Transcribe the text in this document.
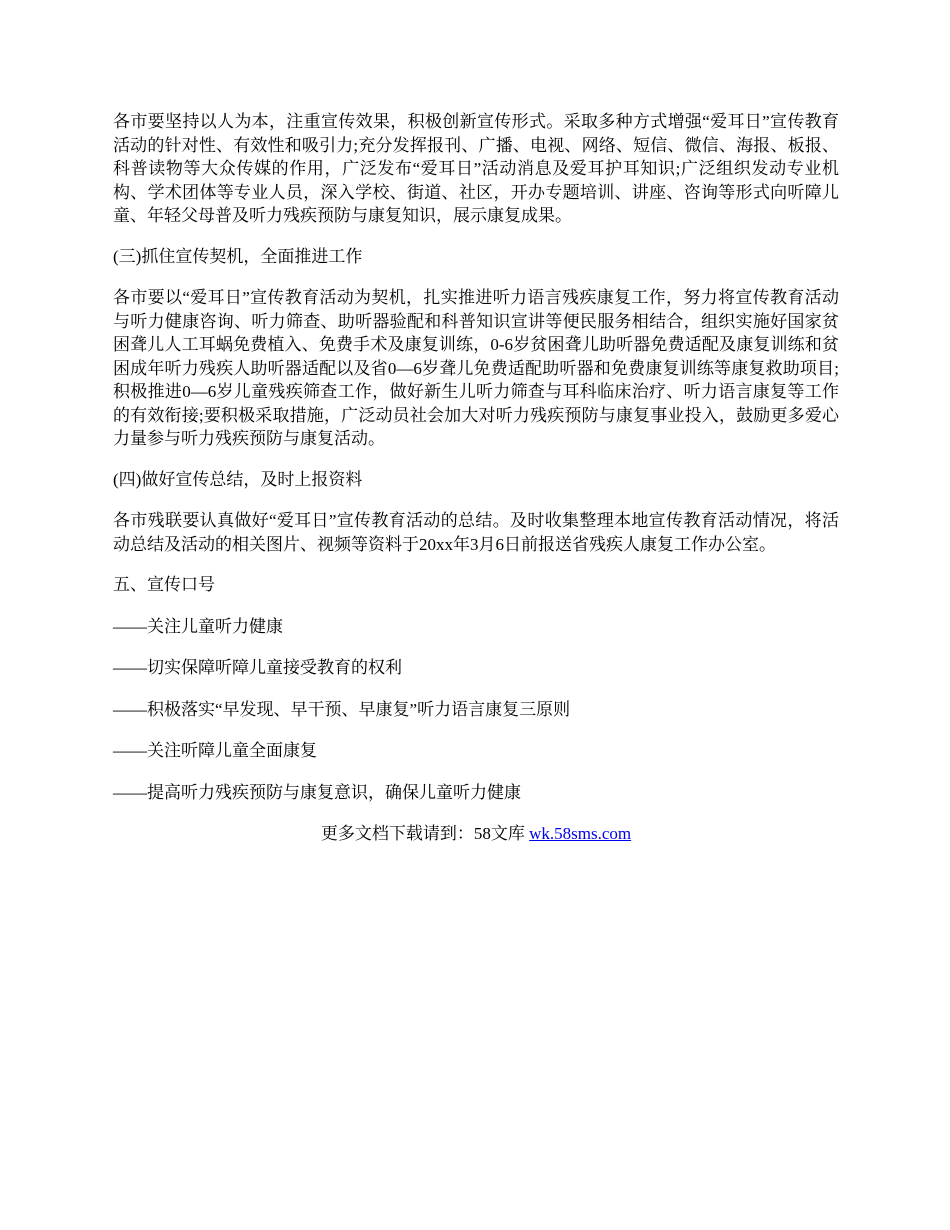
各市要坚持以人为本，注重宣传效果，积极创新宣传形式。采取多种方式增强“爱耳日”宣传教育活动的针对性、有效性和吸引力;充分发挥报刊、广播、电视、网络、短信、微信、海报、板报、科普读物等大众传媒的作用，广泛发布“爱耳日”活动消息及爱耳护耳知识;广泛组织发动专业机构、学术团体等专业人员，深入学校、街道、社区，开办专题培训、讲座、咨询等形式向听障儿童、年轻父母普及听力残疾预防与康复知识，展示康复成果。

(三)抓住宣传契机，全面推进工作

各市要以“爱耳日”宣传教育活动为契机，扎实推进听力语言残疾康复工作，努力将宣传教育活动与听力健康咨询、听力筛查、助听器验配和科普知识宣讲等便民服务相结合，组织实施好国家贫困聋儿人工耳蜗免费植入、免费手术及康复训练，0-6岁贫困聋儿助听器免费适配及康复训练和贫困成年听力残疾人助听器适配以及省0—6岁聋儿免费适配助听器和免费康复训练等康复救助项目;积极推进0—6岁儿童残疾筛查工作，做好新生儿听力筛查与耳科临床治疗、听力语言康复等工作的有效衔接;要积极采取措施，广泛动员社会加大对听力残疾预防与康复事业投入，鼓励更多爱心力量参与听力残疾预防与康复活动。

(四)做好宣传总结，及时上报资料

各市残联要认真做好“爱耳日”宣传教育活动的总结。及时收集整理本地宣传教育活动情况，将活动总结及活动的相关图片、视频等资料于20xx年3月6日前报送省残疾人康复工作办公室。

五、宣传口号

——关注儿童听力健康

——切实保障听障儿童接受教育的权利

——积极落实“早发现、早干预、早康复”听力语言康复三原则

——关注听障儿童全面康复

——提高听力残疾预防与康复意识，确保儿童听力健康

更多文档下载请到：58文库 wk.58sms.com
